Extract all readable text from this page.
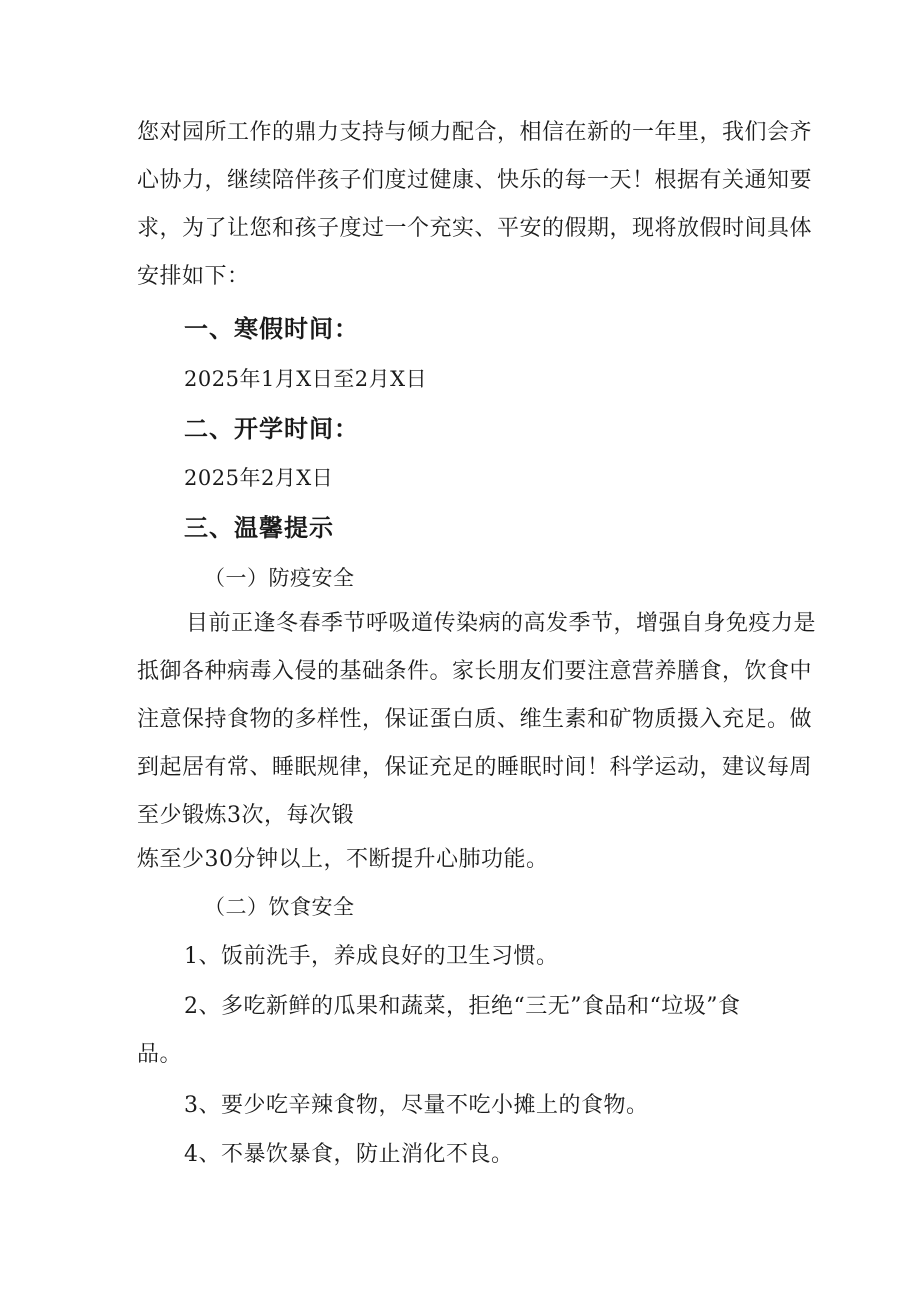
您对园所工作的鼎力支持与倾力配合，相信在新的一年里，我们会齐
心协力，继续陪伴孩子们度过健康、快乐的每一天！根据有关通知要
求，为了让您和孩子度过一个充实、平安的假期，现将放假时间具体
安排如下：
一、寒假时间：
2025年1月X日至2月X日
二、开学时间：
2025年2月X日
三、温馨提示
（一）防疫安全
目前正逢冬春季节呼吸道传染病的高发季节，增强自身免疫力是
抵御各种病毒入侵的基础条件。家长朋友们要注意营养膳食，饮食中
注意保持食物的多样性，保证蛋白质、维生素和矿物质摄入充足。做
到起居有常、睡眠规律，保证充足的睡眠时间！科学运动，建议每周
至少锻炼3次，每次锻
炼至少30分钟以上，不断提升心肺功能。
（二）饮食安全
1、饭前洗手，养成良好的卫生习惯。
2、多吃新鲜的瓜果和蔬菜，拒绝“三无”食品和“垃圾”食
品。
3、要少吃辛辣食物，尽量不吃小摊上的食物。
4、不暴饮暴食，防止消化不良。
